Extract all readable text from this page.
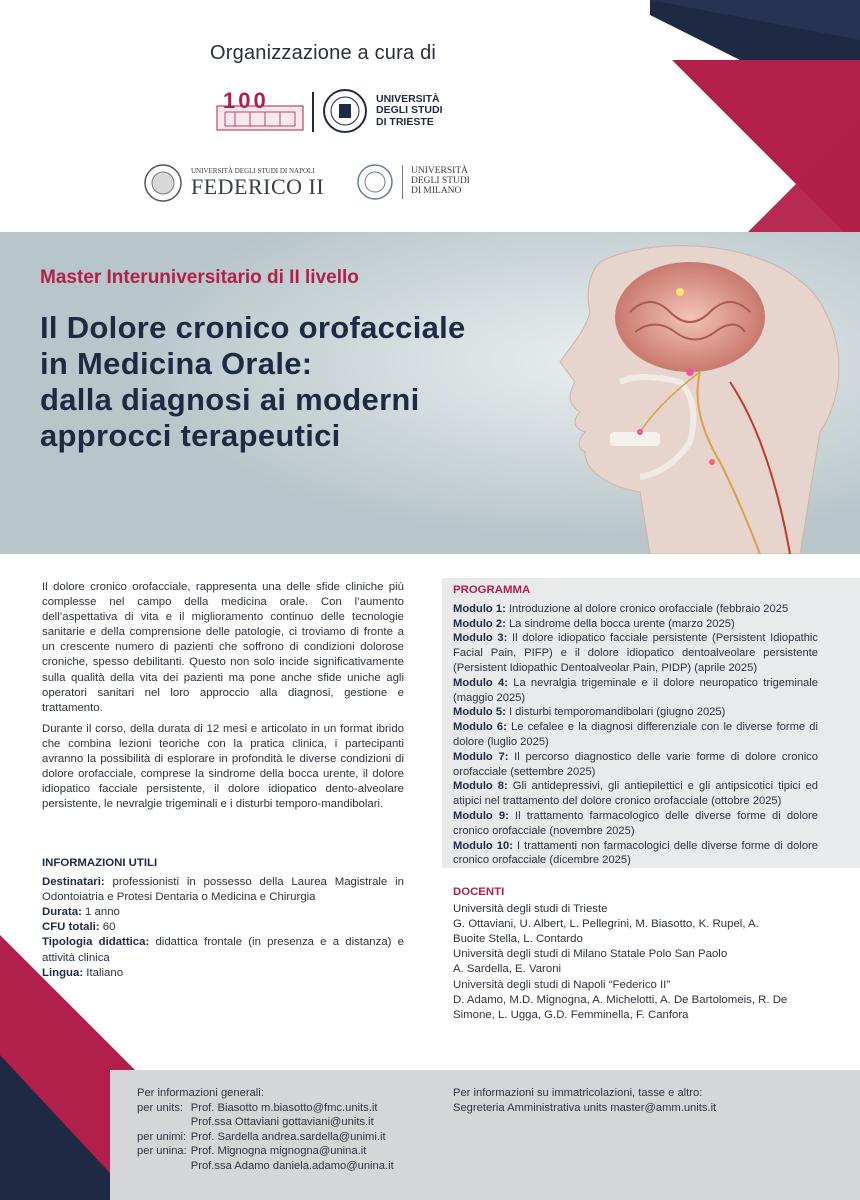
Organizzazione a cura di
100	UNIVERSITÀ DEGLI STUDI DI TRIESTE
UNIVERSITÀ DEGLI STUDI DI NAPOLI
FEDERICO II
UNIVERSITÀ DEGLI STUDI DI MILANO
Master Interuniversitario di II livello
Il Dolore cronico orofacciale
in Medicina Orale:
dalla diagnosi ai moderni
approcci terapeutici

Il dolore cronico orofacciale, rappresenta una delle sfide cliniche più complesse nel campo della medicina orale. Con l’aumento dell’aspettativa di vita e il miglioramento continuo delle tecnologie sanitarie e della comprensione delle patologie, ci troviamo di fronte a un crescente numero di pazienti che soffrono di condizioni dolorose croniche, spesso debilitanti. Questo non solo incide significativamente sulla qualità della vita dei pazienti ma pone anche sfide uniche agli operatori sanitari nel loro approccio alla diagnosi, gestione e trattamento.

Durante il corso, della durata di 12 mesi e articolato in un format ibrido che combina lezioni teoriche con la pratica clinica, i partecipanti avranno la possibilità di esplorare in profondità le diverse condizioni di dolore orofacciale, comprese la sindrome della bocca urente, il dolore idiopatico facciale persistente, il dolore idiopatico dento-alveolare persistente, le nevralgie trigeminali e i disturbi temporo-mandibolari.

INFORMAZIONI UTILI
Destinatari: professionisti in possesso della Laurea Magistrale in Odontoiatria e Protesi Dentaria o Medicina e Chirurgia
Durata: 1 anno
CFU totali: 60
Tipologia didattica: didattica frontale (in presenza e a distanza) e attività clinica
Lingua: Italiano
PROGRAMMA
Modulo 1: Introduzione al dolore cronico orofacciale (febbraio 2025
Modulo 2: La sindrome della bocca urente (marzo 2025)
Modulo 3: Il dolore idiopatico facciale persistente (Persistent Idiopathic Facial Pain, PIFP) e il dolore idiopatico dentoalveolare persistente (Persistent Idiopathic Dentoalveolar Pain, PIDP) (aprile 2025)
Modulo 4: La nevralgia trigeminale e il dolore neuropatico trigeminale (maggio 2025)
Modulo 5: I disturbi temporomandibolari (giugno 2025)
Modulo 6: Le cefalee e la diagnosi differenziale con le diverse forme di dolore (luglio 2025)
Modulo 7: Il percorso diagnostico delle varie forme di dolore cronico orofacciale (settembre 2025)
Modulo 8: Gli antidepressivi, gli antiepilettici e gli antipsicotici tipici ed atipici nel trattamento del dolore cronico orofacciale (ottobre 2025)
Modulo 9: Il trattamento farmacologico delle diverse forme di dolore cronico orofacciale (novembre 2025)
Modulo 10: I trattamenti non farmacologici delle diverse forme di dolore cronico orofacciale (dicembre 2025)
DOCENTI
Università degli studi di Trieste
G. Ottaviani, U. Albert, L. Pellegrini, M. Biasotto, K. Rupel, A. Buoite Stella, L. Contardo
Università degli studi di Milano Statale Polo San Paolo
A. Sardella, E. Varoni
Università degli studi di Napoli “Federico II”
D. Adamo, M.D. Mignogna, A. Michelotti, A. De Bartolomeis, R. De Simone, L. Ugga, G.D. Femminella, F. Canfora
Per informazioni generali:
per units:	Prof. Biasotto m.biasotto@fmc.units.it
	Prof.ssa Ottaviani gottaviani@units.it
per unimi:	Prof. Sardella andrea.sardella@unimi.it
per unina:	Prof. Mignogna mignogna@unina.it
	Prof.ssa Adamo daniela.adamo@unina.it
Per informazioni su immatricolazioni, tasse e altro:
Segreteria Amministrativa units master@amm.units.it
